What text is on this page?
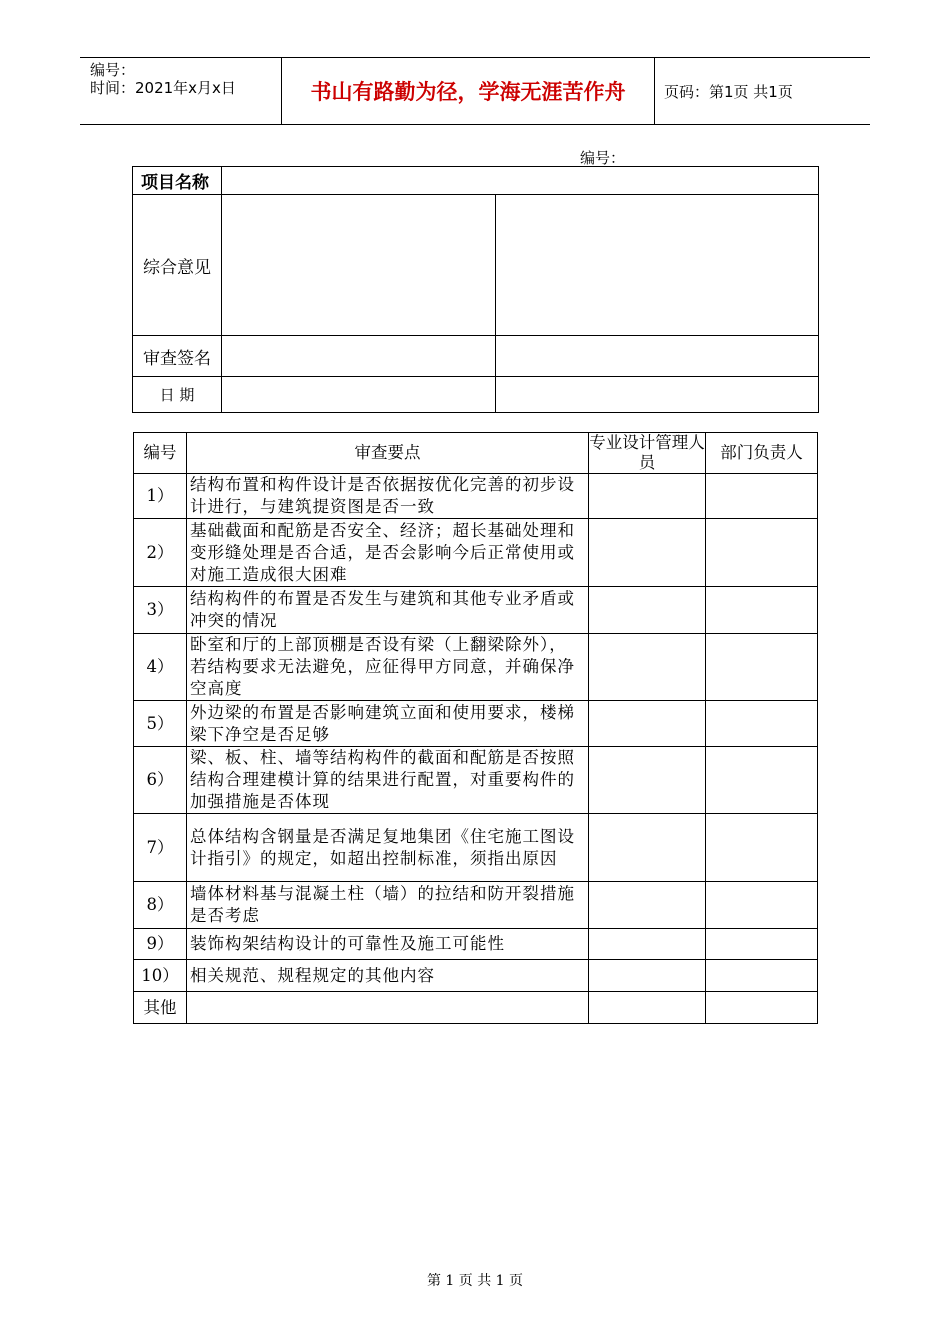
编号：
时间：2021年x月x日	书山有路勤为径，学海无涯苦作舟	页码：第1页 共1页
编号：
项目名称		
综合意见		
审查签名		
日 期		
编号	审查要点	专业设计管理人员	部门负责人
1）	结构布置和构件设计是否依据按优化完善的初步设计进行，与建筑提资图是否一致		
2）	基础截面和配筋是否安全、经济；超长基础处理和变形缝处理是否合适，是否会影响今后正常使用或对施工造成很大困难		
3）	结构构件的布置是否发生与建筑和其他专业矛盾或冲突的情况		
4）	卧室和厅的上部顶棚是否设有梁（上翻梁除外），若结构要求无法避免，应征得甲方同意，并确保净空高度		
5）	外边梁的布置是否影响建筑立面和使用要求，楼梯梁下净空是否足够		
6）	梁、板、柱、墙等结构构件的截面和配筋是否按照结构合理建模计算的结果进行配置，对重要构件的加强措施是否体现		
7）	总体结构含钢量是否满足复地集团《住宅施工图设计指引》的规定，如超出控制标准，须指出原因		
8）	墙体材料基与混凝土柱（墙）的拉结和防开裂措施是否考虑		
9）	装饰构架结构设计的可靠性及施工可能性		
10）	相关规范、规程规定的其他内容		
其他			
第 1 页 共 1 页
